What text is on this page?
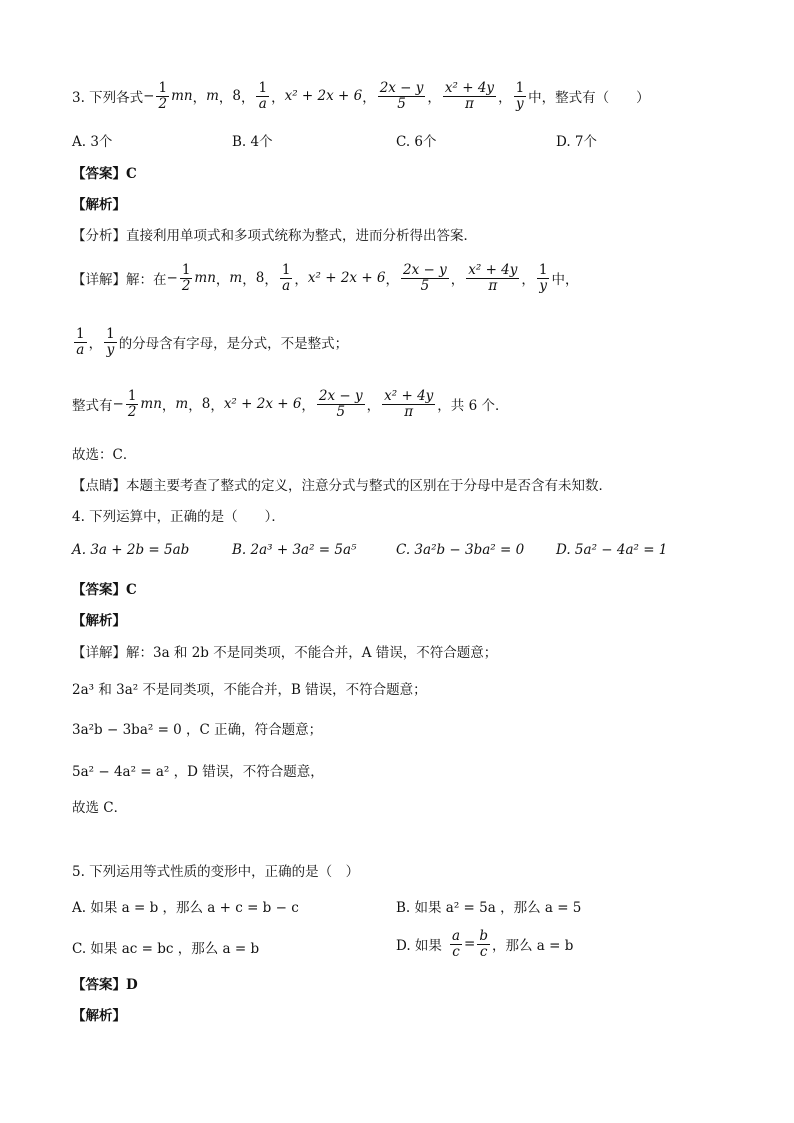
3. 下列各式 − $\frac{1}{2}$ mn ， m ， 8 ， $\frac{1}{a}$ ， x² + 2x + 6 ， $\frac{2x - y}{5}$ ， $\frac{\text{x² + 4y}}{\pi}$ ， $\frac{1}{y}$ 中，整式有（　　）
A. 3个	B. 4个	C. 6个	D. 7个
【答案】C
【解析】
【分析】直接利用单项式和多项式统称为整式，进而分析得出答案．
【详解】解：在 − $\frac{1}{2}$ mn ， m ， 8 ， $\frac{1}{a}$ ， x² + 2x + 6 ， $\frac{2x - y}{5}$ ， $\frac{\text{x² + 4y}}{\pi}$ ， $\frac{1}{y}$ 中，
$\frac{1}{a}$ ， $\frac{1}{y}$ 的分母含有字母，是分式，不是整式；
整式有 − $\frac{1}{2}$ mn ， m ， 8 ， x² + 2x + 6 ， $\frac{2x - y}{5}$ ， $\frac{\text{x² + 4y}}{\pi}$ ，共 6 个．
故选：C．
【点睛】本题主要考查了整式的定义，注意分式与整式的区别在于分母中是否含有未知数．
4. 下列运算中，正确的是（　　）．
A. 3a + 2b = 5ab	B. 2a³ + 3a² = 5a⁵	C. 3a²b − 3ba² = 0 D. 5a² − 4a² = 1
【答案】C
【解析】
【详解】解：3a 和 2b 不是同类项，不能合并，A 错误，不符合题意；
2a³ 和 3a² 不是同类项，不能合并，B 错误，不符合题意；
3a²b − 3ba² = 0 ，C 正确，符合题意；
5a² − 4a² = a² ，D 错误，不符合题意，
故选 C．
5. 下列运用等式性质的变形中，正确的是（　）
A. 如果 a = b ，那么 a + c = b − c	B. 如果 a² = 5a ，那么 a = 5
C. 如果 ac = bc ，那么 a = b	D. 如果 $\frac{a}{c} = \frac{b}{c}$ ，那么 a = b
【答案】D
【解析】
